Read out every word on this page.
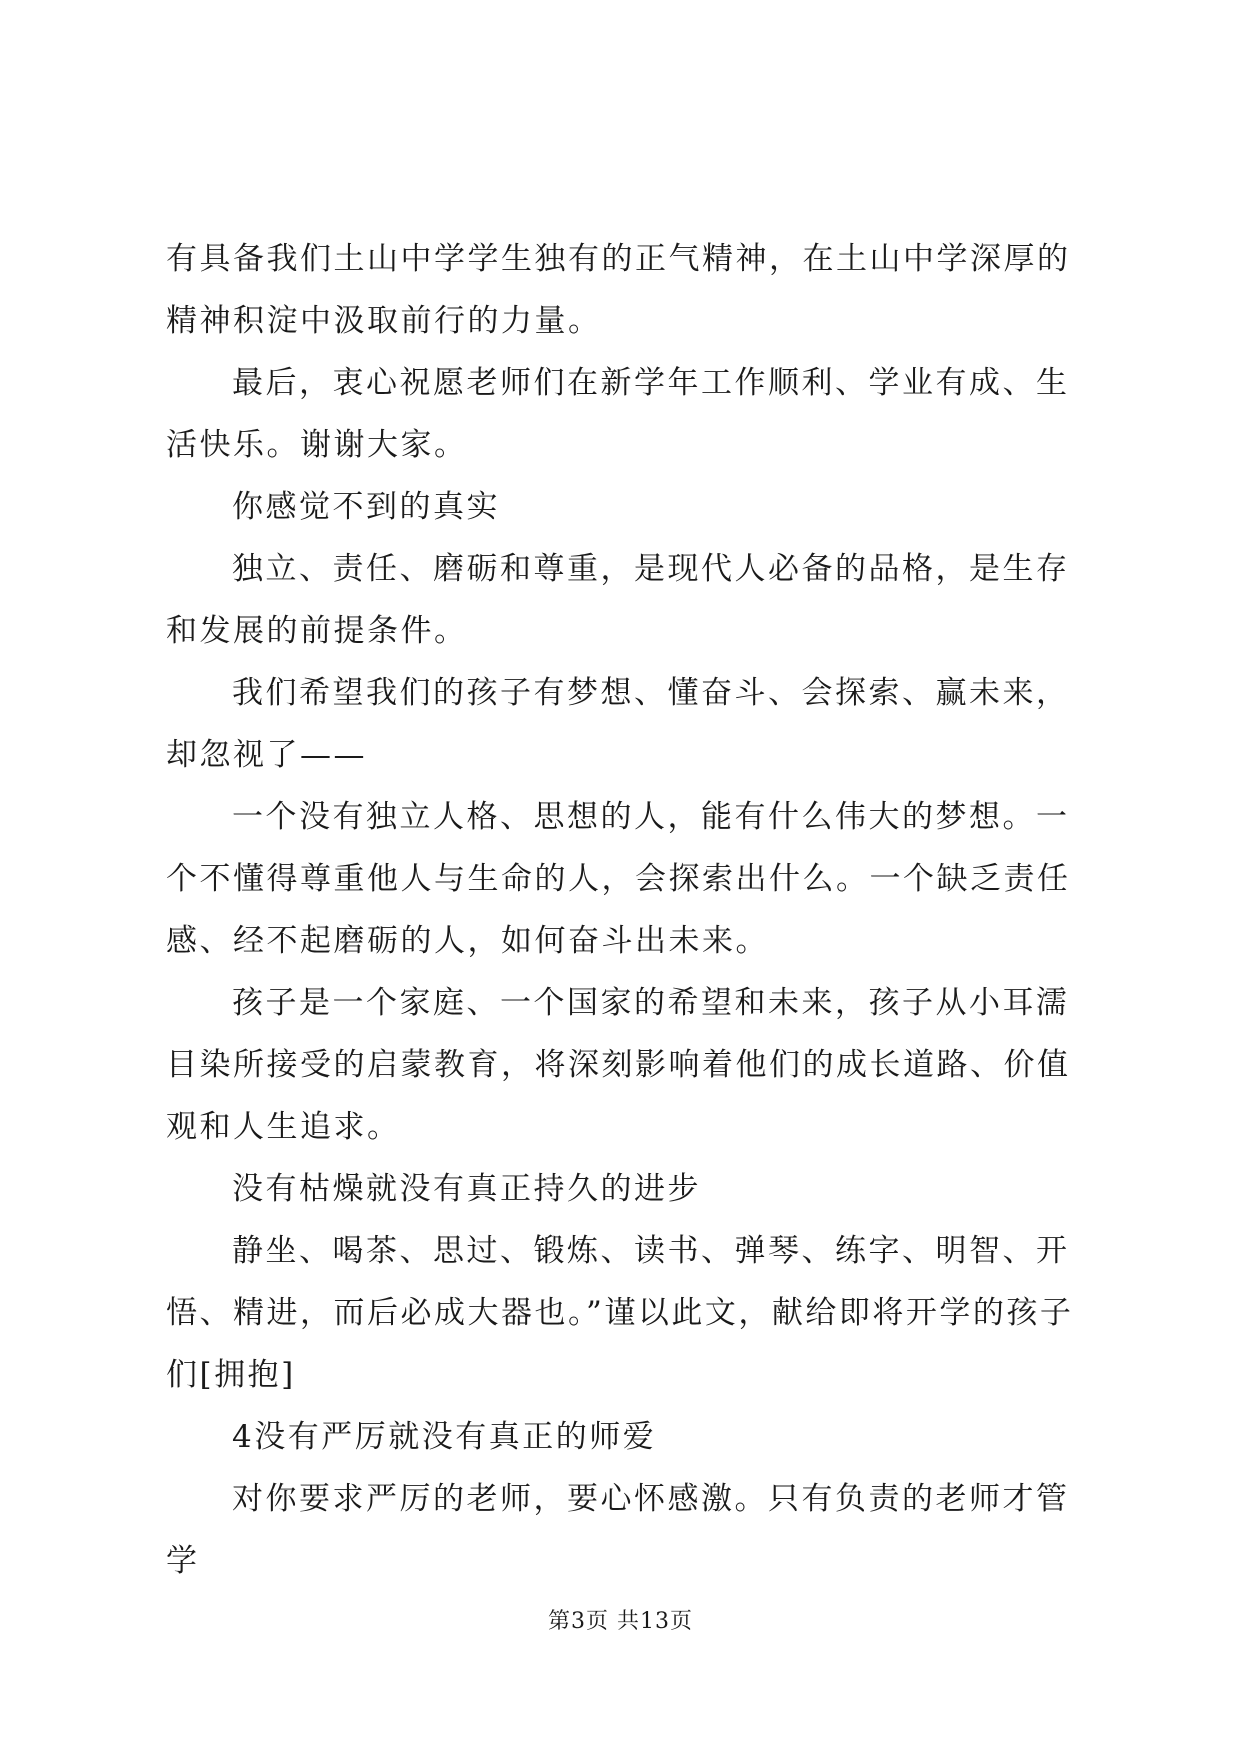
有具备我们土山中学学生独有的正气精神，在土山中学深厚的精神积淀中汲取前行的力量。

最后，衷心祝愿老师们在新学年工作顺利、学业有成、生活快乐。谢谢大家。

你感觉不到的真实

独立、责任、磨砺和尊重，是现代人必备的品格，是生存和发展的前提条件。

我们希望我们的孩子有梦想、懂奋斗、会探索、赢未来，却忽视了——

一个没有独立人格、思想的人，能有什么伟大的梦想。一个不懂得尊重他人与生命的人，会探索出什么。一个缺乏责任感、经不起磨砺的人，如何奋斗出未来。

孩子是一个家庭、一个国家的希望和未来，孩子从小耳濡目染所接受的启蒙教育，将深刻影响着他们的成长道路、价值观和人生追求。

没有枯燥就没有真正持久的进步

静坐、喝茶、思过、锻炼、读书、弹琴、练字、明智、开悟、精进，而后必成大器也。”谨以此文，献给即将开学的孩子们[拥抱]

4没有严厉就没有真正的师爱

对你要求严厉的老师，要心怀感激。只有负责的老师才管学

第3页 共13页
